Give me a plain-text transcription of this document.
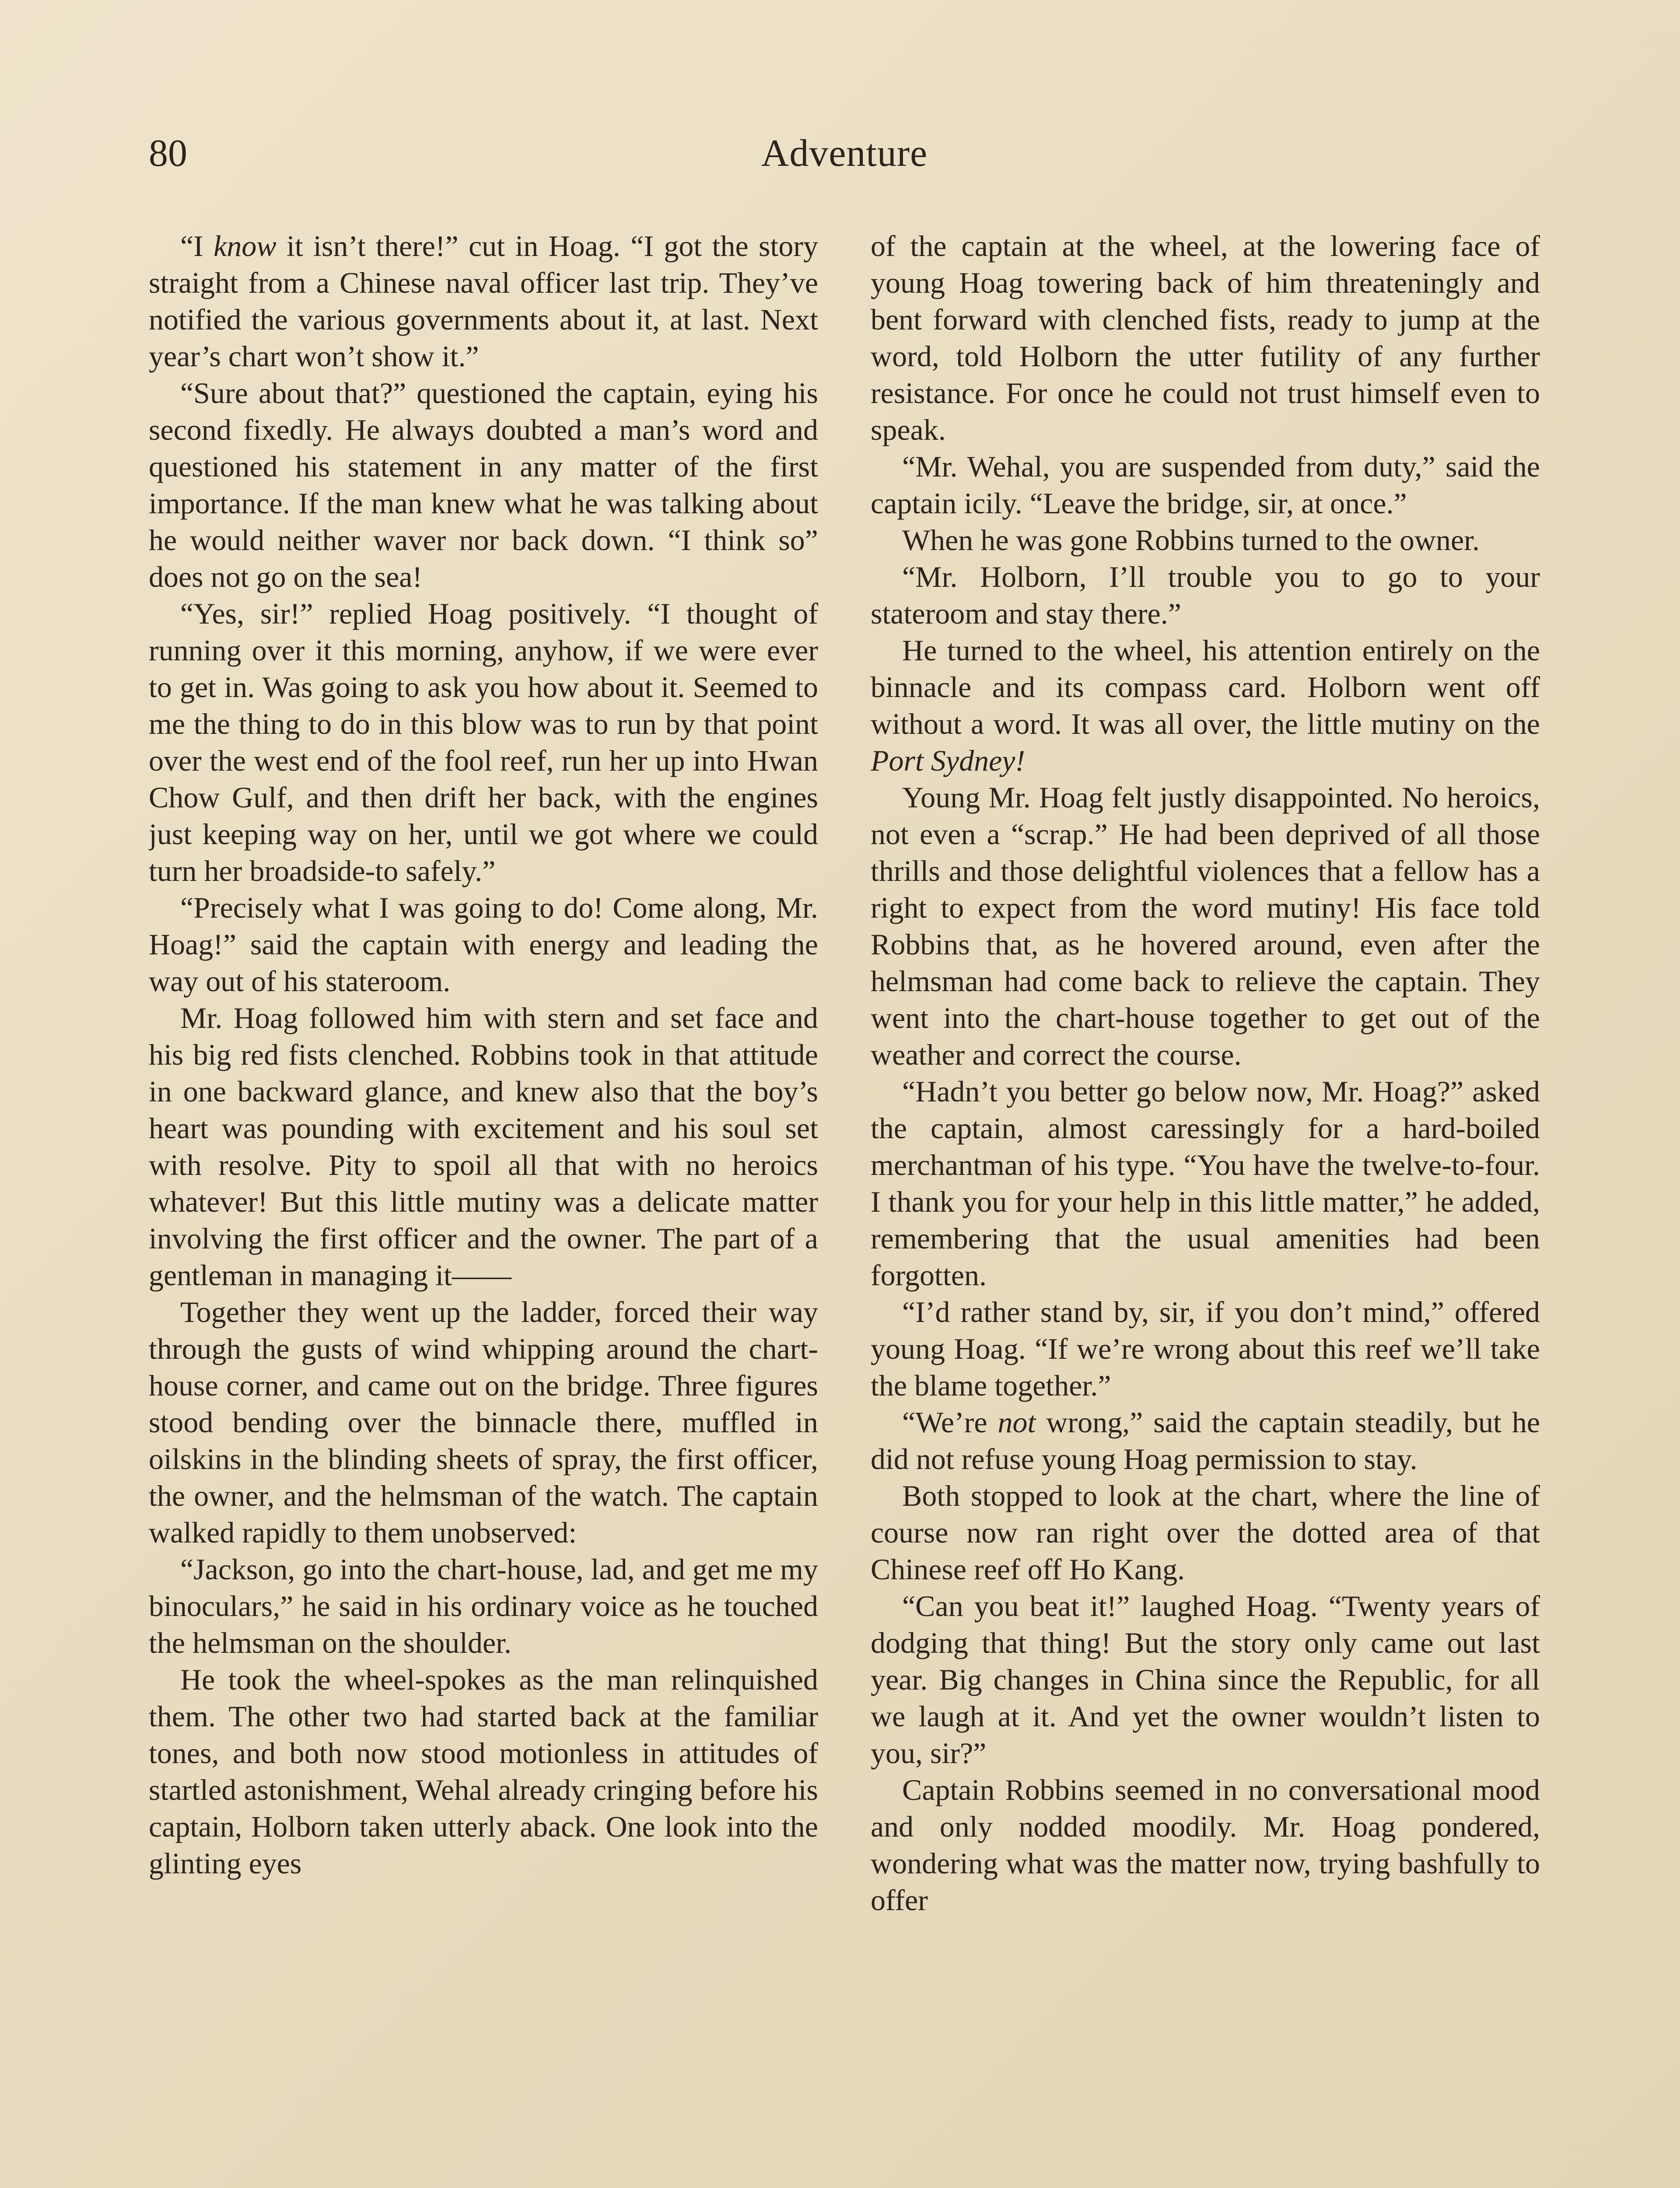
80	Adventure

“I know it isn’t there!” cut in Hoag. “I got the story straight from a Chinese naval officer last trip. They’ve notified the various governments about it, at last. Next year’s chart won’t show it.”

“Sure about that?” questioned the captain, eying his second fixedly. He always doubted a man’s word and questioned his statement in any matter of the first importance. If the man knew what he was talking about he would neither waver nor back down. “I think so” does not go on the sea!

“Yes, sir!” replied Hoag positively. “I thought of running over it this morning, anyhow, if we were ever to get in. Was going to ask you how about it. Seemed to me the thing to do in this blow was to run by that point over the west end of the fool reef, run her up into Hwan Chow Gulf, and then drift her back, with the engines just keeping way on her, until we got where we could turn her broadside-to safely.”

“Precisely what I was going to do! Come along, Mr. Hoag!” said the captain with energy and leading the way out of his stateroom.

Mr. Hoag followed him with stern and set face and his big red fists clenched. Robbins took in that attitude in one backward glance, and knew also that the boy’s heart was pounding with excitement and his soul set with resolve. Pity to spoil all that with no heroics whatever! But this little mutiny was a delicate matter involving the first officer and the owner. The part of a gentleman in managing it——

Together they went up the ladder, forced their way through the gusts of wind whipping around the chart-house corner, and came out on the bridge. Three figures stood bending over the binnacle there, muffled in oilskins in the blinding sheets of spray, the first officer, the owner, and the helmsman of the watch. The captain walked rapidly to them unobserved:

“Jackson, go into the chart-house, lad, and get me my binoculars,” he said in his ordinary voice as he touched the helmsman on the shoulder.

He took the wheel-spokes as the man relinquished them. The other two had started back at the familiar tones, and both now stood motionless in attitudes of startled astonishment, Wehal already cringing before his captain, Holborn taken utterly aback. One look into the glinting eyes

of the captain at the wheel, at the lowering face of young Hoag towering back of him threateningly and bent forward with clenched fists, ready to jump at the word, told Holborn the utter futility of any further resistance. For once he could not trust himself even to speak.

“Mr. Wehal, you are suspended from duty,” said the captain icily. “Leave the bridge, sir, at once.”

When he was gone Robbins turned to the owner.

“Mr. Holborn, I’ll trouble you to go to your stateroom and stay there.”

He turned to the wheel, his attention entirely on the binnacle and its compass card. Holborn went off without a word. It was all over, the little mutiny on the Port Sydney!

Young Mr. Hoag felt justly disappointed. No heroics, not even a “scrap.” He had been deprived of all those thrills and those delightful violences that a fellow has a right to expect from the word mutiny! His face told Robbins that, as he hovered around, even after the helmsman had come back to relieve the captain. They went into the chart-house together to get out of the weather and correct the course.

“Hadn’t you better go below now, Mr. Hoag?” asked the captain, almost caressingly for a hard-boiled merchantman of his type. “You have the twelve-to-four. I thank you for your help in this little matter,” he added, remembering that the usual amenities had been forgotten.

“I’d rather stand by, sir, if you don’t mind,” offered young Hoag. “If we’re wrong about this reef we’ll take the blame together.”

“We’re not wrong,” said the captain steadily, but he did not refuse young Hoag permission to stay.

Both stopped to look at the chart, where the line of course now ran right over the dotted area of that Chinese reef off Ho Kang.

“Can you beat it!” laughed Hoag. “Twenty years of dodging that thing! But the story only came out last year. Big changes in China since the Republic, for all we laugh at it. And yet the owner wouldn’t listen to you, sir?”

Captain Robbins seemed in no conversational mood and only nodded moodily. Mr. Hoag pondered, wondering what was the matter now, trying bashfully to offer
